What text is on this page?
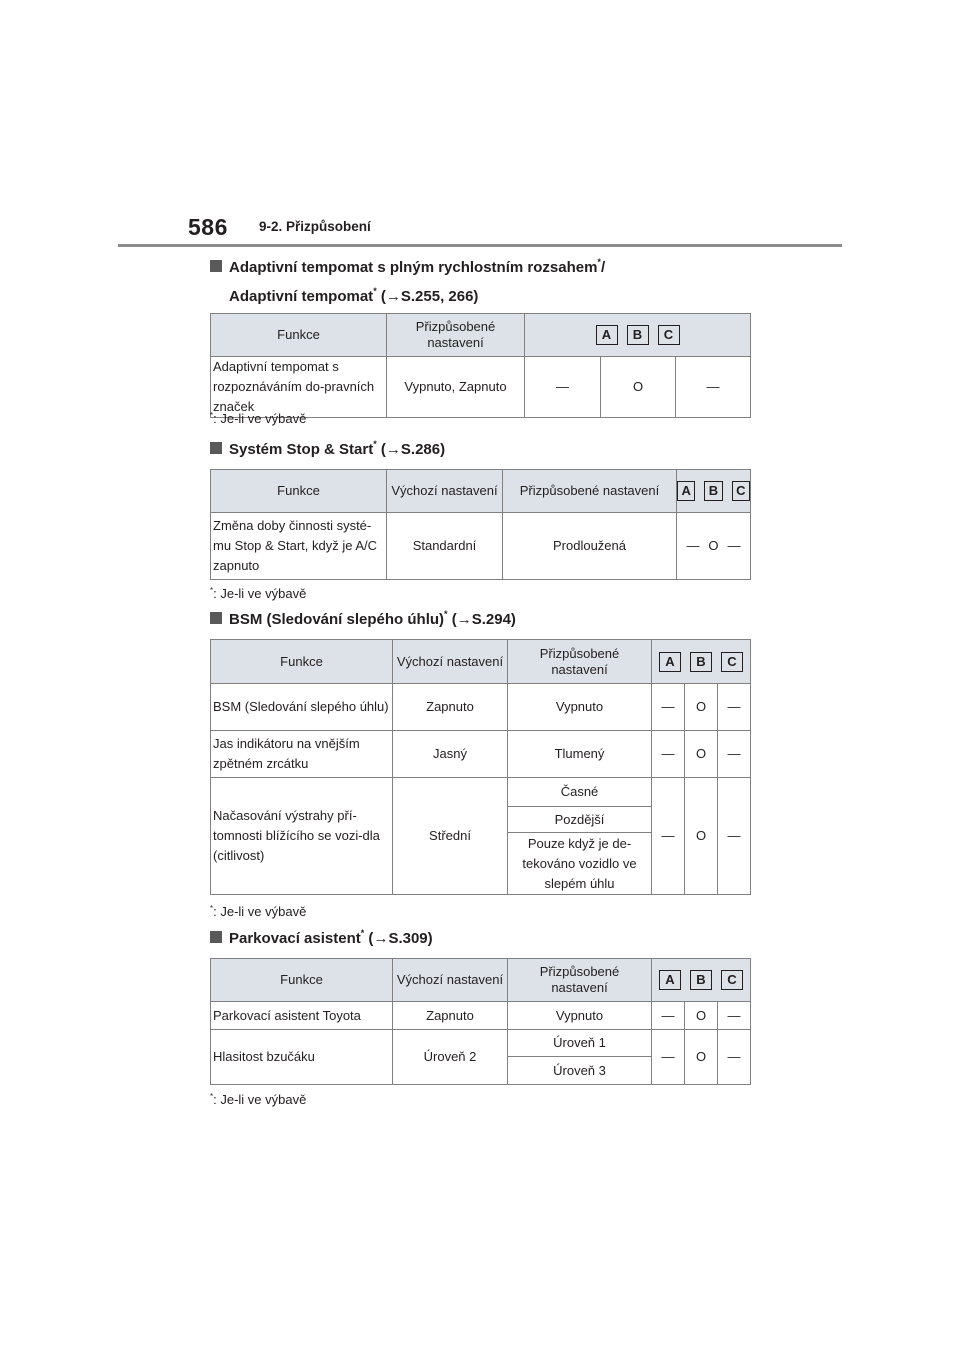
586 9-2. Přizpůsobení
Adaptivní tempomat s plným rychlostním rozsahem*/
Adaptivní tempomat* (→S.255, 266)
Funkce	Přizpůsobené nastavení	A B C		

Adaptivní tempomat s rozpoznáváním do-pravních značek	Vypnuto, Zapnuto	—	O	—
*: Je-li ve výbavě
Systém Stop & Start* (→S.286)
Funkce	Výchozí nastavení	Přizpůsobené nastavení	A B C

Změna doby činnosti systé-mu Stop & Start, když je A/C zapnuto	Standardní	Prodloužená	— O —
*: Je-li ve výbavě
BSM (Sledování slepého úhlu)* (→S.294)
Funkce	Výchozí nastavení	Přizpůsobené nastavení	A B C		

BSM (Sledování slepého úhlu)	Zapnuto	Vypnuto	—	O	—
Jas indikátoru na vnějším zpětném zrcátku	Jasný	Tlumený	—	O	—
Načasování výstrahy pří-tomnosti blížícího se vozi-dla (citlivost)	Střední	Časné	—	O	—
		Pozdější			
		Pouze když je de-tekováno vozidlo ve slepém úhlu			
*: Je-li ve výbavě
Parkovací asistent* (→S.309)
Funkce	Výchozí nastavení	Přizpůsobené nastavení	A B C		

Parkovací asistent Toyota	Zapnuto	Vypnuto	—	O	—
Hlasitost bzučáku	Úroveň 2	Úroveň 1	—	O	—
		Úroveň 3			
*: Je-li ve výbavě
